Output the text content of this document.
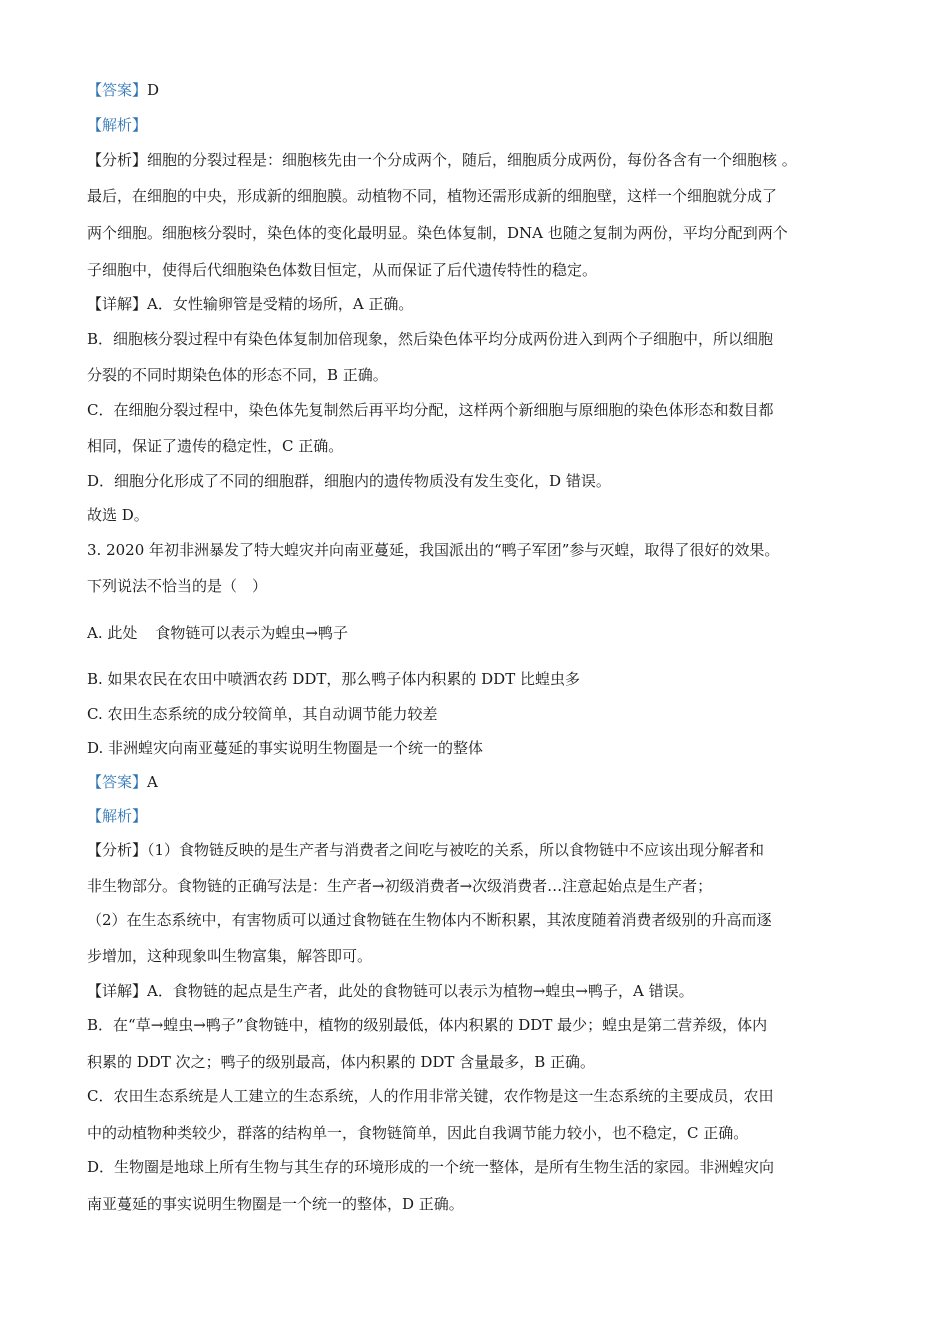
【答案】D
【解析】
【分析】细胞的分裂过程是：细胞核先由一个分成两个，随后，细胞质分成两份，每份各含有一个细胞核 。
最后，在细胞的中央，形成新的细胞膜。动植物不同，植物还需形成新的细胞壁，这样一个细胞就分成了
两个细胞。细胞核分裂时，染色体的变化最明显。染色体复制，DNA 也随之复制为两份，平均分配到两个
子细胞中，使得后代细胞染色体数目恒定，从而保证了后代遗传特性的稳定。
【详解】A．女性输卵管是受精的场所，A 正确。
B．细胞核分裂过程中有染色体复制加倍现象，然后染色体平均分成两份进入到两个子细胞中，所以细胞
分裂的不同时期染色体的形态不同，B 正确。
C．在细胞分裂过程中，染色体先复制然后再平均分配，这样两个新细胞与原细胞的染色体形态和数目都
相同，保证了遗传的稳定性，C 正确。
D．细胞分化形成了不同的细胞群，细胞内的遗传物质没有发生变化，D 错误。
故选 D。
3. 2020 年初非洲暴发了特大蝗灾并向南亚蔓延，我国派出的“鸭子军团”参与灭蝗，取得了很好的效果。
下列说法不恰当的是（　）
A. 此处 食物链可以表示为蝗虫→鸭子
B. 如果农民在农田中喷洒农药 DDT，那么鸭子体内积累的 DDT 比蝗虫多
C. 农田生态系统的成分较简单，其自动调节能力较差
D. 非洲蝗灾向南亚蔓延的事实说明生物圈是一个统一的整体
【答案】A
【解析】
【分析】（1）食物链反映的是生产者与消费者之间吃与被吃的关系，所以食物链中不应该出现分解者和
非生物部分。食物链的正确写法是：生产者→初级消费者→次级消费者…注意起始点是生产者；
（2）在生态系统中，有害物质可以通过食物链在生物体内不断积累，其浓度随着消费者级别的升高而逐
步增加，这种现象叫生物富集，解答即可。
【详解】A．食物链的起点是生产者，此处的食物链可以表示为植物→蝗虫→鸭子，A 错误。
B．在“草→蝗虫→鸭子”食物链中，植物的级别最低，体内积累的 DDT 最少；蝗虫是第二营养级，体内
积累的 DDT 次之；鸭子的级别最高，体内积累的 DDT 含量最多，B 正确。
C．农田生态系统是人工建立的生态系统，人的作用非常关键，农作物是这一生态系统的主要成员，农田
中的动植物种类较少，群落的结构单一，食物链简单，因此自我调节能力较小，也不稳定，C 正确。
D．生物圈是地球上所有生物与其生存的环境形成的一个统一整体，是所有生物生活的家园。非洲蝗灾向
南亚蔓延的事实说明生物圈是一个统一的整体，D 正确。
